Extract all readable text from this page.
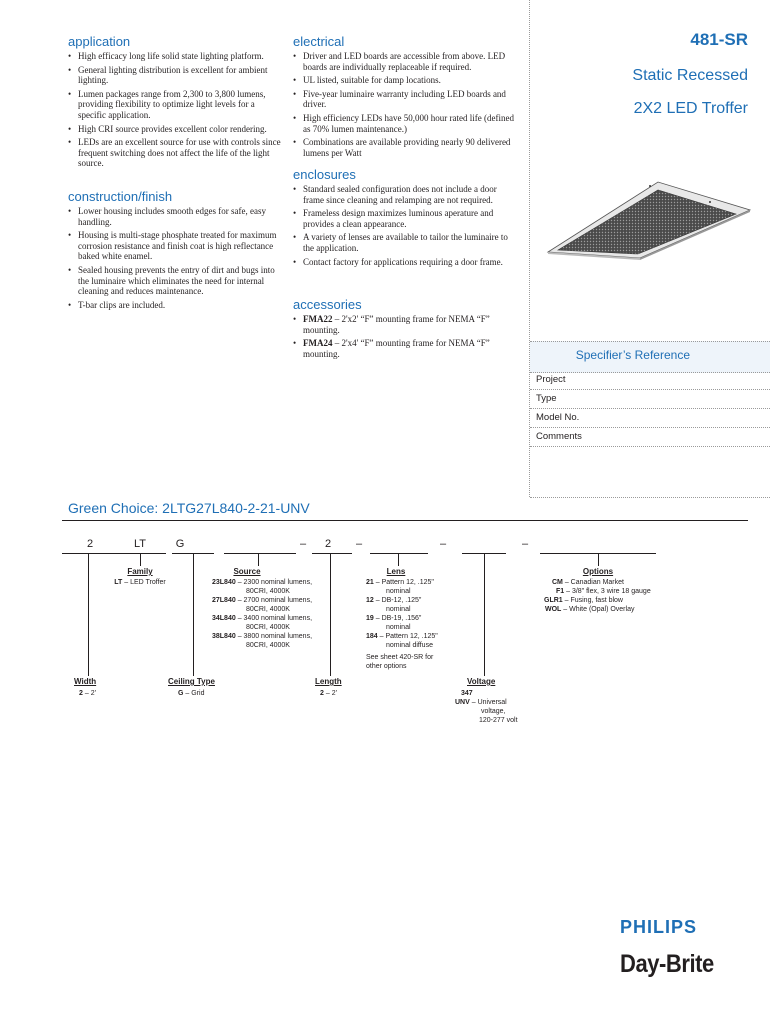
application
• High efficacy long life solid state lighting platform.
• General lighting distribution is excellent for ambient lighting.
• Lumen packages range from 2,300 to 3,800 lumens, providing flexibility to optimize light levels for a specific application.
• High CRI source provides excellent color rendering.
• LEDs are an excellent source for use with controls since frequent switching does not affect the life of the light source.
construction/finish
• Lower housing includes smooth edges for safe, easy handling.
• Housing is multi-stage phosphate treated for maximum corrosion resistance and finish coat is high reflectance baked white enamel.
• Sealed housing prevents the entry of dirt and bugs into the luminaire which eliminates the need for internal cleaning and reduces maintenance.
• T-bar clips are included.
electrical
• Driver and LED boards are accessible from above. LED boards are individually replaceable if required.
• UL listed, suitable for damp locations.
• Five-year luminaire warranty including LED boards and driver.
• High efficiency LEDs have 50,000 hour rated life (defined as 70% lumen maintenance.)
• Combinations are available providing nearly 90 delivered lumens per Watt
enclosures
• Standard sealed configuration does not include a door frame since cleaning and relamping are not required.
• Frameless design maximizes luminous aperature and provides a clean appearance.
• A variety of lenses are available to tailor the luminaire to the application.
• Contact factory for applications requiring a door frame.
accessories
• FMA22 – 2'x2' “F” mounting frame for NEMA “F” mounting.
• FMA24 – 2'x4' “F” mounting frame for NEMA “F” mounting.
481-SR
Static Recessed
2X2 LED Troffer
Specifier’s Reference
Project
Type
Model No.
Comments
Green Choice: 2LTG27L840-2-21-UNV
2	LT	G	–	2	–	–	–
Family
LT – LED Troffer
Source
23L840 – 2300 nominal lumens,
80CRI, 4000K
27L840 – 2700 nominal lumens,
80CRI, 4000K
34L840 – 3400 nominal lumens,
80CRI, 4000K
38L840 – 3800 nominal lumens,
80CRI, 4000K
Lens
21 – Pattern 12, .125"
nominal
12 – DB-12, .125"
nominal
19 – DB-19, .156"
nominal
184 – Pattern 12, .125"
nominal diffuse
See sheet 420-SR for other options
Options
CM – Canadian Market
F1 – 3/8" flex, 3 wire 18 gauge
GLR1 – Fusing, fast blow
WOL – White (Opal) Overlay
Width
2 – 2'
Ceiling Type
G – Grid
Length
2 – 2'
Voltage
347
UNV – Universal
voltage,
120-277 volt
PHILIPS
Day-Brite
